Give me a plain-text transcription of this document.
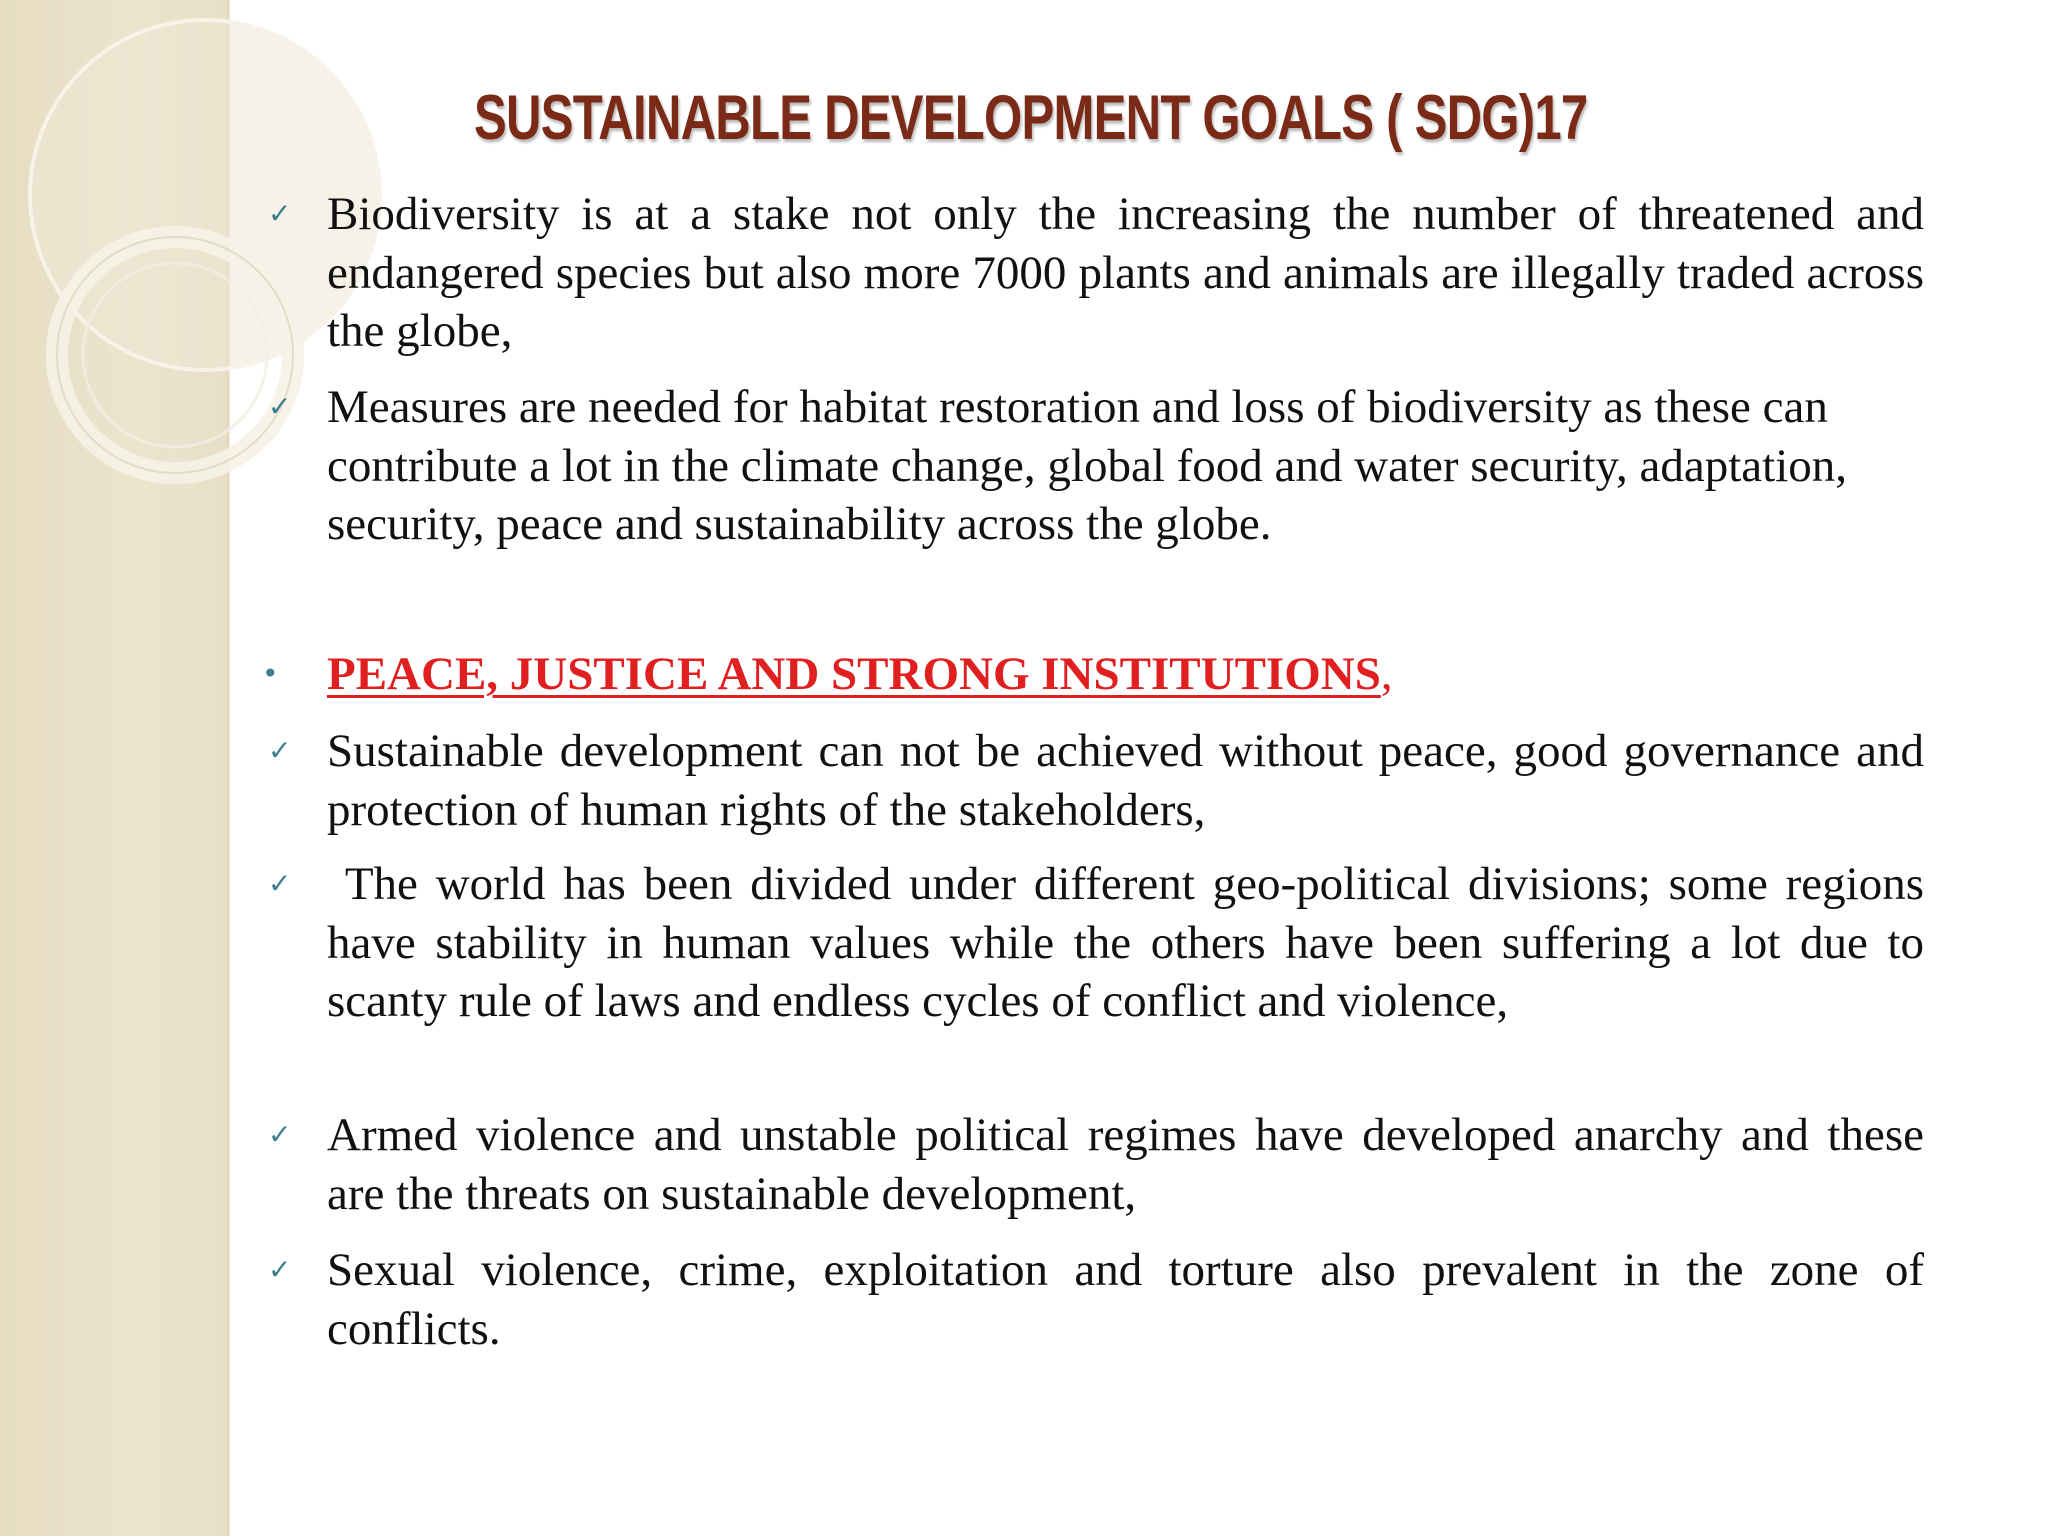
SUSTAINABLE DEVELOPMENT GOALS ( SDG)17
✓ Biodiversity is at a stake not only the increasing the number of threatened and endangered species but also more 7000 plants and animals are illegally traded across the globe,
✓ Measures are needed for habitat restoration and loss of biodiversity as these can contribute a lot in the climate change, global food and water security, adaptation, security, peace and sustainability across the globe.
• PEACE, JUSTICE AND STRONG INSTITUTIONS,
✓ Sustainable development can not be achieved without peace, good governance and protection of human rights of the stakeholders,
✓ The world has been divided under different geo-political divisions; some regions have stability in human values while the others have been suffering a lot due to scanty rule of laws and endless cycles of conflict and violence,
✓ Armed violence and unstable political regimes have developed anarchy and these are the threats on sustainable development,
✓ Sexual violence, crime, exploitation and torture also prevalent in the zone of conflicts.
